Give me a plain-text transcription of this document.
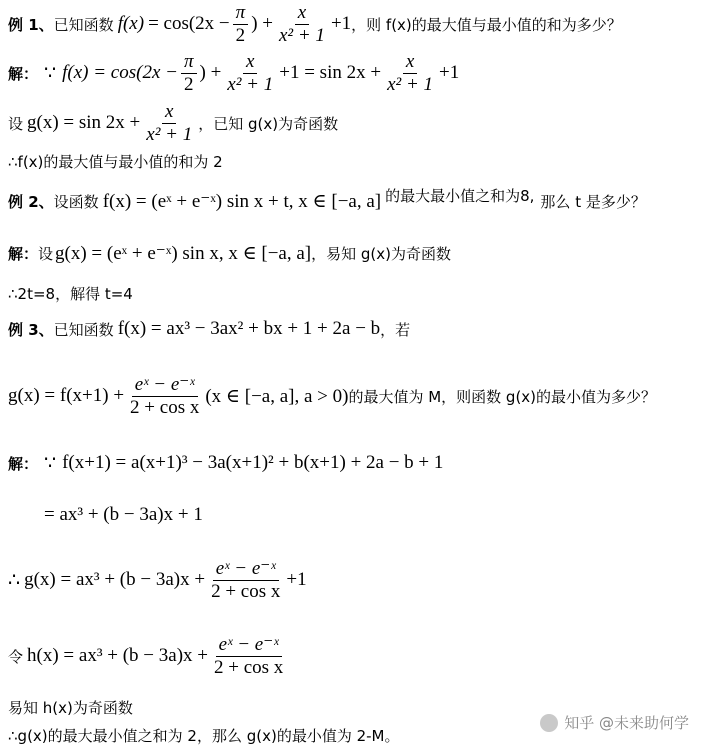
例 1、 已知函数 $f(x) = \cos(2x - \frac{\pi}{2}$ ) + $\frac{x}{\text{x² + 1}} +1$ ，则 f(x)的最大值与最小值的和为多少？
解： ∵ $f(x) = \cos(2x - \frac{\pi}{2}$ ) + $\frac{x}{\text{x² + 1}} +1 = \sin 2x + \frac{x}{\text{x² + 1}} +1$
设 $g(x) = \sin 2x + \frac{x}{\text{x² + 1}}$ ，已知 g(x)为奇函数
∴f(x)的最大值与最小值的和为 2
例 2、 设函数 f(x) = (eˣ + e⁻ˣ) sin x + t, x ∈ [−a, a] 的最大最小值之和为8, 那么 t 是多少？
解： 设 g(x) = (eˣ + e⁻ˣ) sin x, x ∈ [−a, a] ，易知 g(x)为奇函数
∴2t=8，解得 t=4
例 3、 已知函数 f(x) = ax³ − 3ax² + bx + 1 + 2a − b ，若
$g(x) = f(x+1) + \frac{\text{eˣ − e⁻ˣ}}{\text{2 + cos x}} (x$ ∈ [−a, a], a > 0) 的最大值为 M，则函数 g(x)的最小值为多少？
解： ∵ f(x+1) = a(x+1)³ − 3a(x+1)² + b(x+1) + 2a − b + 1
= ax³ + (b − 3a)x + 1
∴ $g(x) = ax^3 + (b - 3a)x + \frac{\text{eˣ − e⁻ˣ}}{\text{2 + cos x}} +1$
令 $h(x) = ax^3 + (b - 3a)x + \frac{\text{eˣ − e⁻ˣ}}{\text{2 + cos x}}$
易知 h(x)为奇函数
∴g(x)的最大最小值之和为 2，那么 g(x)的最小值为 2-M。
知乎 @未来助何学
